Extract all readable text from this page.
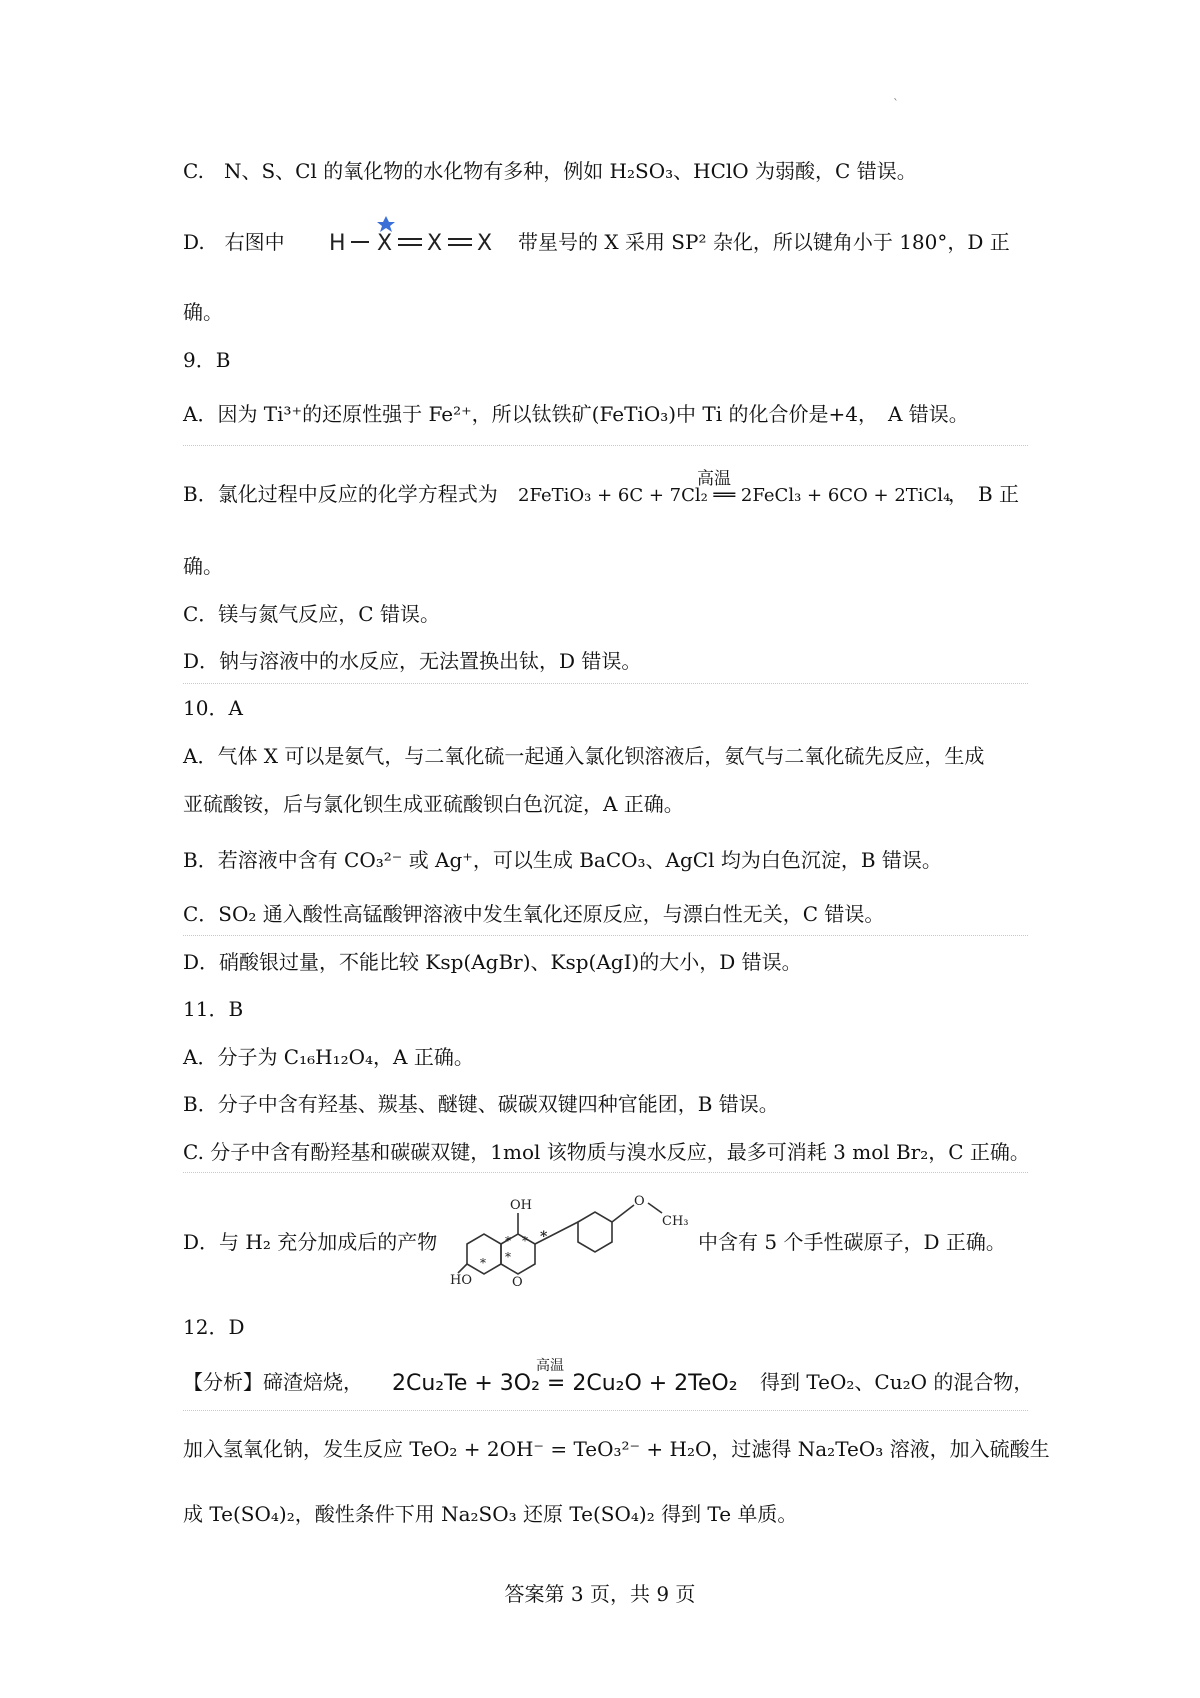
`
C.　N、S、Cl 的氧化物的水化物有多种，例如 H₂SO₃、HClO 为弱酸，C 错误。
D.　右图中 H X X X 带星号的 X 采用 SP² 杂化，所以键角小于 180°，D 正
确。
9．B
A．因为 Ti³⁺的还原性强于 Fe²⁺，所以钛铁矿(FeTiO₃)中 Ti 的化合价是+4，　A 错误。
B．氯化过程中反应的化学方程式为
高温
2FeTiO₃ + 6C + 7Cl₂ ══ 2FeCl₃ + 6CO + 2TiCl₄
，　B 正
确。
C．镁与氮气反应，C 错误。
D．钠与溶液中的水反应，无法置换出钛，D 错误。
10．A
A．气体 X 可以是氨气，与二氧化硫一起通入氯化钡溶液后，氨气与二氧化硫先反应，生成
亚硫酸铵，后与氯化钡生成亚硫酸钡白色沉淀，A 正确。
B．若溶液中含有 CO₃²⁻ 或 Ag⁺，可以生成 BaCO₃、AgCl 均为白色沉淀，B 错误。
C．SO₂ 通入酸性高锰酸钾溶液中发生氧化还原反应，与漂白性无关，C 错误。
D．硝酸银过量，不能比较 Ksp(AgBr)、Ksp(AgI)的大小，D 错误。
11．B
A．分子为 C₁₆H₁₂O₄，A 正确。
B．分子中含有羟基、羰基、醚键、碳碳双键四种官能团，B 错误。
C. 分子中含有酚羟基和碳碳双键，1mol 该物质与溴水反应，最多可消耗 3 mol Br₂，C 正确。
D．与 H₂ 充分加成后的产物
OH
HO	O
O
CH₃
* *
* * *	中含有 5 个手性碳原子，D 正确。
12．D
【分析】碲渣焙烧，
高温
2Cu₂Te + 3O₂ = 2Cu₂O + 2TeO₂ 得到 TeO₂、Cu₂O 的混合物，
加入氢氧化钠，发生反应 TeO₂ + 2OH⁻ = TeO₃²⁻ + H₂O，过滤得 Na₂TeO₃ 溶液，加入硫酸生
成 Te(SO₄)₂，酸性条件下用 Na₂SO₃ 还原 Te(SO₄)₂ 得到 Te 单质。
答案第 3 页，共 9 页
